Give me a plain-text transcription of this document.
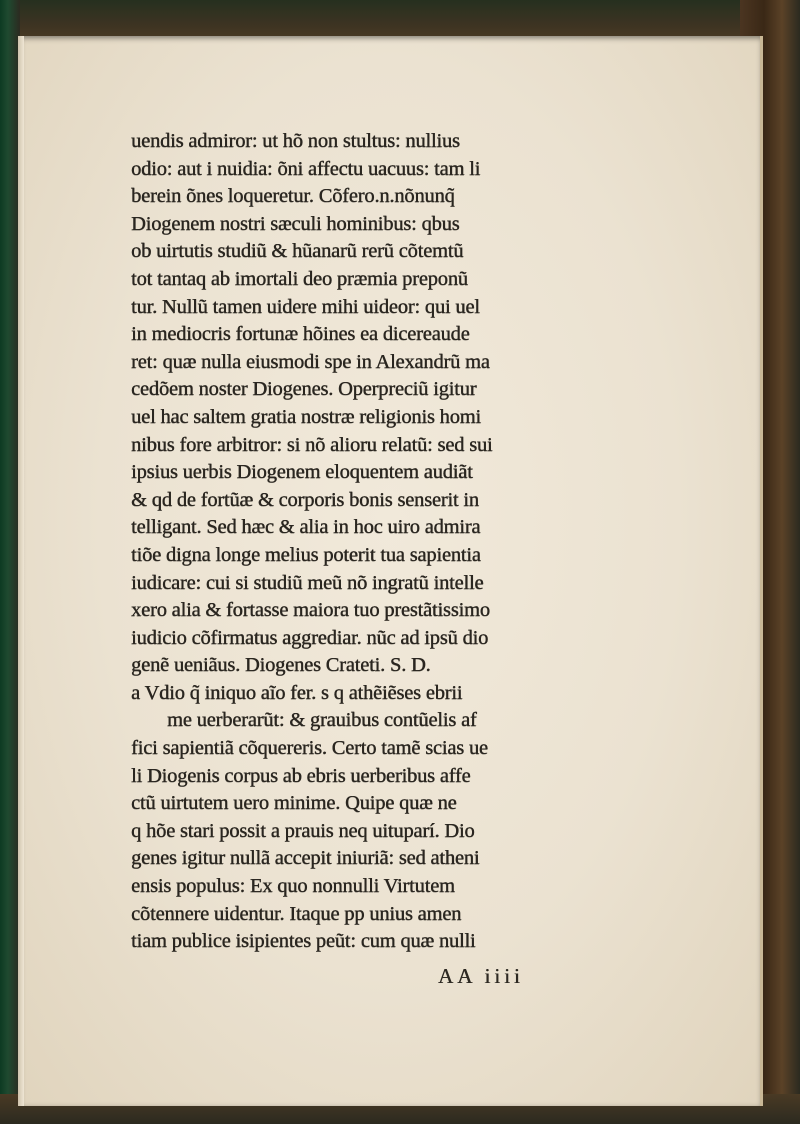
uendis admiror: ut hõ non stultus: nullius

odio: aut i nuidia: õni affectu uacuus: tam li

berein õnes loqueretur. Cõfero.n.nõnunq̃

Diogenem nostri sæculi hominibus: qbus

ob uirtutis studiũ & hũanarũ rerũ cõtemtũ

tot tantaq ab imortali deo præmia preponũ

tur. Nullũ tamen uidere mihi uideor: qui uel

in mediocris fortunæ hõines ea dicereaude

ret: quæ nulla eiusmodi spe in Alexandrũ ma

cedõem noster Diogenes. Operpreciũ igitur

uel hac saltem gratia nostræ religionis homi

nibus fore arbitror: si nõ alioru relatũ: sed sui

ipsius uerbis Diogenem eloquentem audiãt

& qd de fortũæ & corporis bonis senserit in

telligant. Sed hæc & alia in hoc uiro admira

tiõe digna longe melius poterit tua sapientia

iudicare: cui si studiũ meũ nõ ingratũ intelle

xero alia & fortasse maiora tuo prestãtissimo

iudicio cõfirmatus aggrediar. nũc ad ipsũ dio

genẽ ueniãus. Diogenes Crateti. S. D.

a Vdio q̃ iniquo aĩo fer. s q athẽiẽses ebrii

me uerberarũt: & grauibus contũelis af

fici sapientiã cõquereris. Certo tamẽ scias ue

li Diogenis corpus ab ebris uerberibus affe

ctũ uirtutem uero minime. Quipe quæ ne

q hõe stari possit a prauis neq uituparí. Dio

genes igitur nullã accepit iniuriã: sed atheni

ensis populus: Ex quo nonnulli Virtutem

cõtennere uidentur. Itaque pp unius amen

tiam publice isipientes peũt: cum quæ nulli

AA iiii
